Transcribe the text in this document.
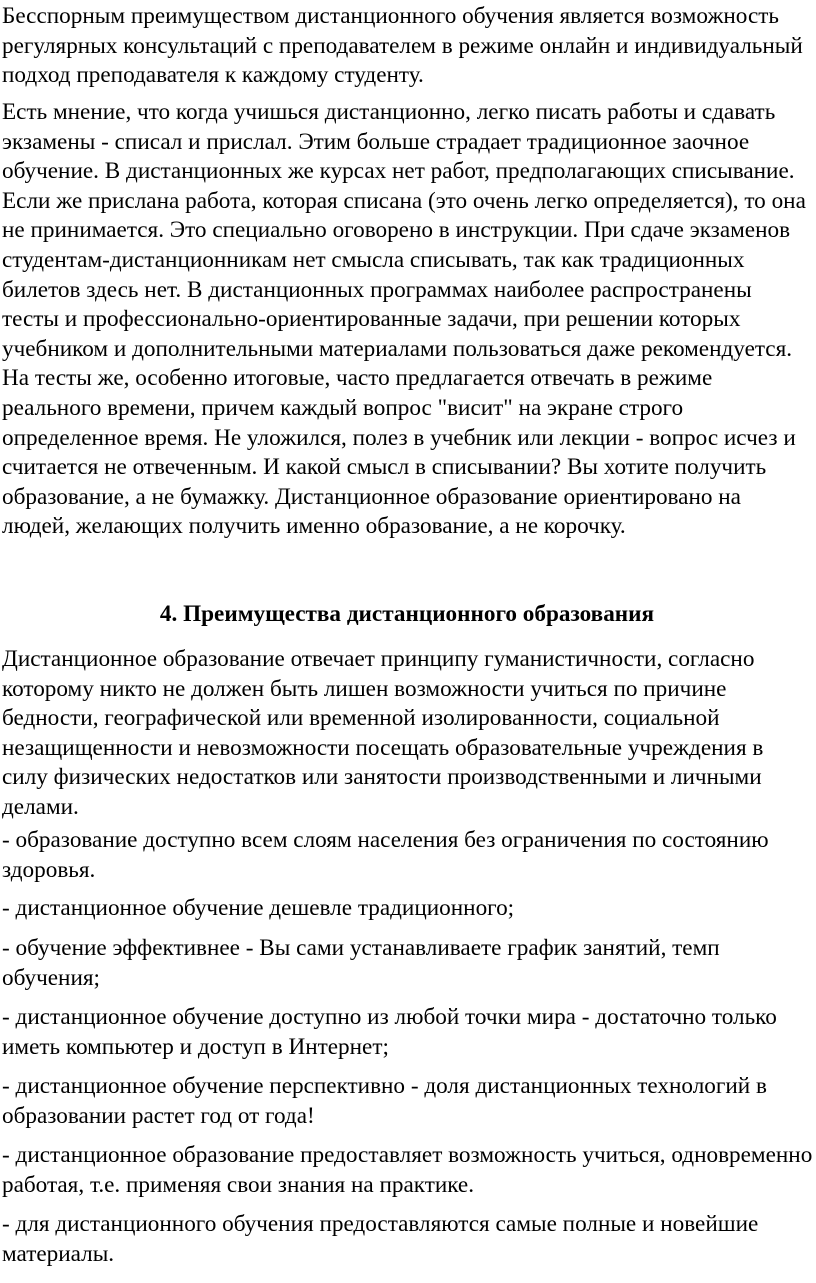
Бесспорным преимуществом дистанционного обучения является возможность регулярных консультаций с преподавателем в режиме онлайн и индивидуальный подход преподавателя к каждому студенту.

Есть мнение, что когда учишься дистанционно, легко писать работы и сдавать экзамены - списал и прислал. Этим больше страдает традиционное заочное обучение. В дистанционных же курсах нет работ, предполагающих списывание. Если же прислана работа, которая списана (это очень легко определяется), то она не принимается. Это специально оговорено в инструкции. При сдаче экзаменов студентам-дистанционникам нет смысла списывать, так как традиционных билетов здесь нет. В дистанционных программах наиболее распространены тесты и профессионально-ориентированные задачи, при решении которых учебником и дополнительными материалами пользоваться даже рекомендуется. На тесты же, особенно итоговые, часто предлагается отвечать в режиме реального времени, причем каждый вопрос "висит" на экране строго определенное время. Не уложился, полез в учебник или лекции - вопрос исчез и считается не отвеченным. И какой смысл в списывании? Вы хотите получить образование, а не бумажку. Дистанционное образование ориентировано на людей, желающих получить именно образование, а не корочку.

4. Преимущества дистанционного образования

Дистанционное образование отвечает принципу гуманистичности, согласно которому никто не должен быть лишен возможности учиться по причине бедности, географической или временной изолированности, социальной незащищенности и невозможности посещать образовательные учреждения в силу физических недостатков или занятости производственными и личными делами.

- образование доступно всем слоям населения без ограничения по состоянию здоровья.

- дистанционное обучение дешевле традиционного;

- обучение эффективнее - Вы сами устанавливаете график занятий, темп обучения;

- дистанционное обучение доступно из любой точки мира - достаточно только иметь компьютер и доступ в Интернет;

- дистанционное обучение перспективно - доля дистанционных технологий в образовании растет год от года!

- дистанционное образование предоставляет возможность учиться, одновременно работая, т.е. применяя свои знания на практике.

- для дистанционного обучения предоставляются самые полные и новейшие материалы.
